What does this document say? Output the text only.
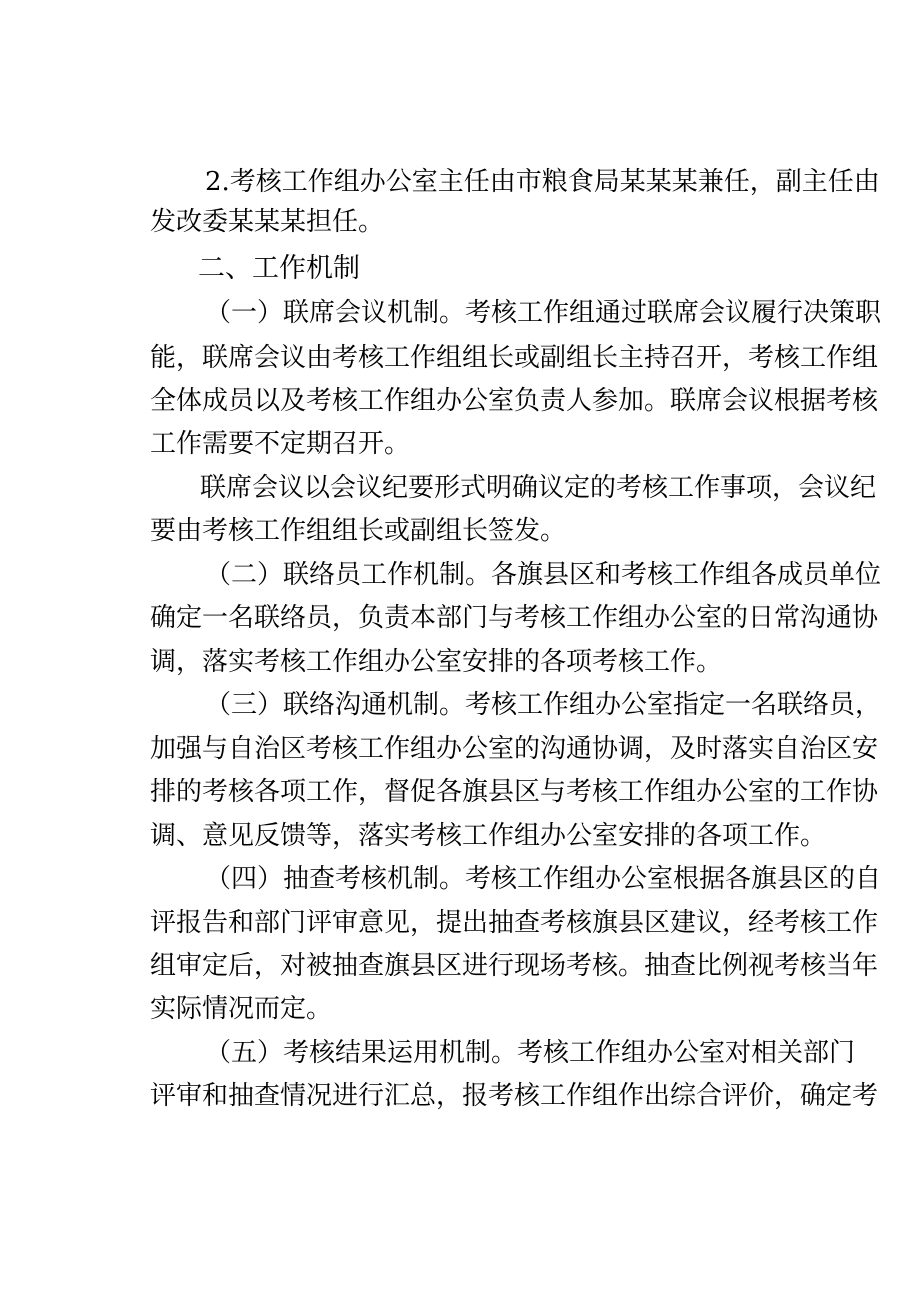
2.考核工作组办公室主任由市粮食局某某某兼任，副主任由
发改委某某某担任。
二、工作机制
（一）联席会议机制。考核工作组通过联席会议履行决策职
能，联席会议由考核工作组组长或副组长主持召开，考核工作组
全体成员以及考核工作组办公室负责人参加。联席会议根据考核
工作需要不定期召开。
联席会议以会议纪要形式明确议定的考核工作事项，会议纪
要由考核工作组组长或副组长签发。
（二）联络员工作机制。各旗县区和考核工作组各成员单位
确定一名联络员，负责本部门与考核工作组办公室的日常沟通协
调，落实考核工作组办公室安排的各项考核工作。
（三）联络沟通机制。考核工作组办公室指定一名联络员，
加强与自治区考核工作组办公室的沟通协调，及时落实自治区安
排的考核各项工作，督促各旗县区与考核工作组办公室的工作协
调、意见反馈等，落实考核工作组办公室安排的各项工作。
（四）抽查考核机制。考核工作组办公室根据各旗县区的自
评报告和部门评审意见，提出抽查考核旗县区建议，经考核工作
组审定后，对被抽查旗县区进行现场考核。抽查比例视考核当年
实际情况而定。
（五）考核结果运用机制。考核工作组办公室对相关部门
评审和抽查情况进行汇总，报考核工作组作出综合评价，确定考
